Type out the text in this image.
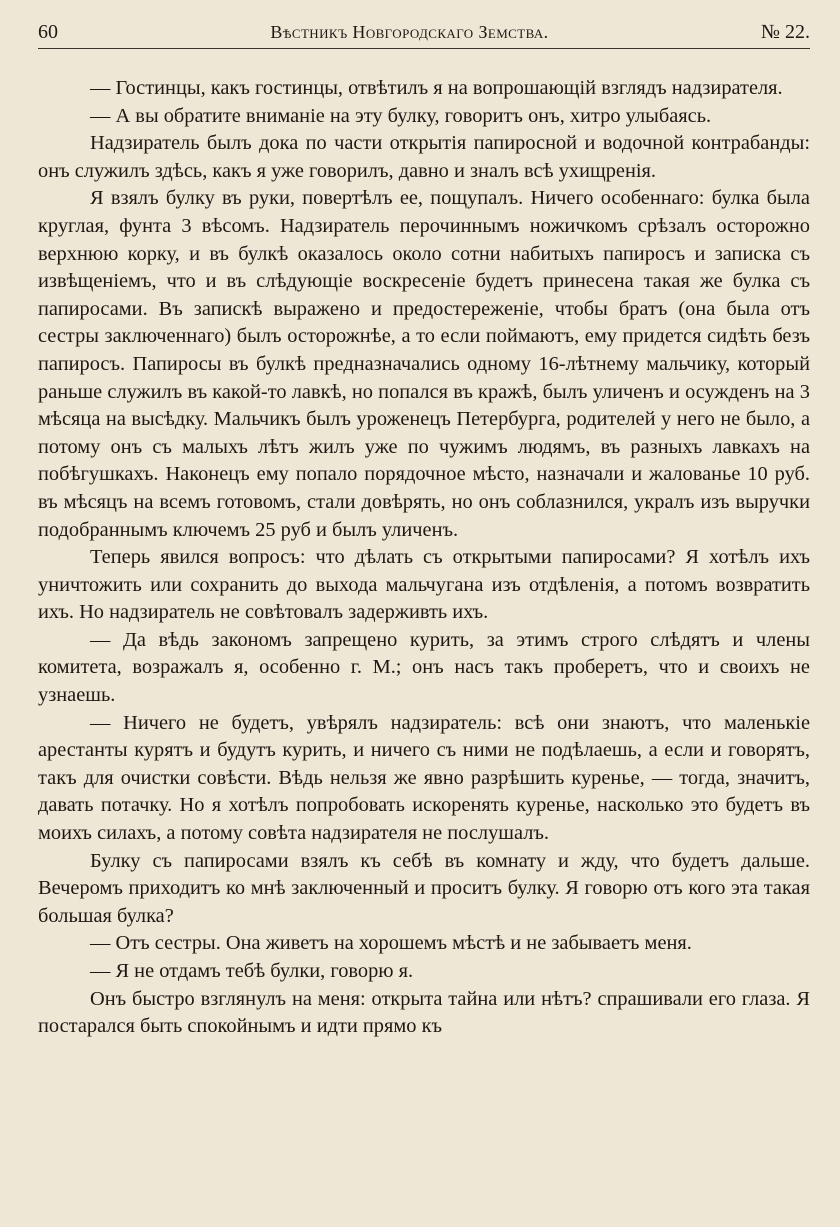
60	Вѣстникъ Новгородскаго Земства.	№ 22.

— Гостинцы, какъ гостинцы, отвѣтилъ я на вопрошающій взглядъ надзирателя.

— А вы обратите вниманіе на эту булку, говоритъ онъ, хитро улыбаясь.

Надзиратель былъ дока по части открытія папиросной и водочной контрабанды: онъ служилъ здѣсь, какъ я уже говорилъ, давно и зналъ всѣ ухищренія.

Я взялъ булку въ руки, повертѣлъ ее, пощупалъ. Ничего особеннаго: булка была круглая, фунта 3 вѣсомъ. Надзиратель перочиннымъ ножичкомъ срѣзалъ осторожно верхнюю корку, и въ булкѣ оказалось около сотни набитыхъ папиросъ и записка съ извѣщеніемъ, что и въ слѣдующіе воскресеніе будетъ принесена такая же булка съ папиросами. Въ запискѣ выражено и предостереженіе, чтобы братъ (она была отъ сестры заключеннаго) былъ осторожнѣе, а то если поймаютъ, ему придется сидѣть безъ папиросъ. Папиросы въ булкѣ предназначались одному 16-лѣтнему мальчику, который раньше служилъ въ какой-то лавкѣ, но попался въ кражѣ, былъ уличенъ и осужденъ на 3 мѣсяца на высѣдку. Мальчикъ былъ уроженецъ Петербурга, родителей у него не было, а потому онъ съ малыхъ лѣтъ жилъ уже по чужимъ людямъ, въ разныхъ лавкахъ на побѣгушкахъ. Наконецъ ему попало порядочное мѣсто, назначали и жалованье 10 руб. въ мѣсяцъ на всемъ готовомъ, стали довѣрять, но онъ соблазнился, укралъ изъ выручки подобраннымъ ключемъ 25 руб и былъ уличенъ.

Теперь явился вопросъ: что дѣлать съ открытыми папиросами? Я хотѣлъ ихъ уничтожить или сохранить до выхода мальчугана изъ отдѣленія, а потомъ возвратить ихъ. Но надзиратель не совѣтовалъ задерживть ихъ.

— Да вѣдь закономъ запрещено курить, за этимъ строго слѣдятъ и члены комитета, возражалъ я, особенно г. М.; онъ насъ такъ проберетъ, что и своихъ не узнаешь.

— Ничего не будетъ, увѣрялъ надзиратель: всѣ они знаютъ, что маленькіе арестанты курятъ и будутъ курить, и ничего съ ними не подѣлаешь, а если и говорятъ, такъ для очистки совѣсти. Вѣдь нельзя же явно разрѣшить куренье, — тогда, значитъ, давать потачку. Но я хотѣлъ попробовать искоренять куренье, насколько это будетъ въ моихъ силахъ, а потому совѣта надзирателя не послушалъ.

Булку съ папиросами взялъ къ себѣ въ комнату и жду, что будетъ дальше. Вечеромъ приходитъ ко мнѣ заключенный и проситъ булку. Я говорю отъ кого эта такая большая булка?

— Отъ сестры. Она живетъ на хорошемъ мѣстѣ и не забываетъ меня.

— Я не отдамъ тебѣ булки, говорю я.

Онъ быстро взглянулъ на меня: открыта тайна или нѣтъ? спрашивали его глаза. Я постарался быть спокойнымъ и идти прямо къ
